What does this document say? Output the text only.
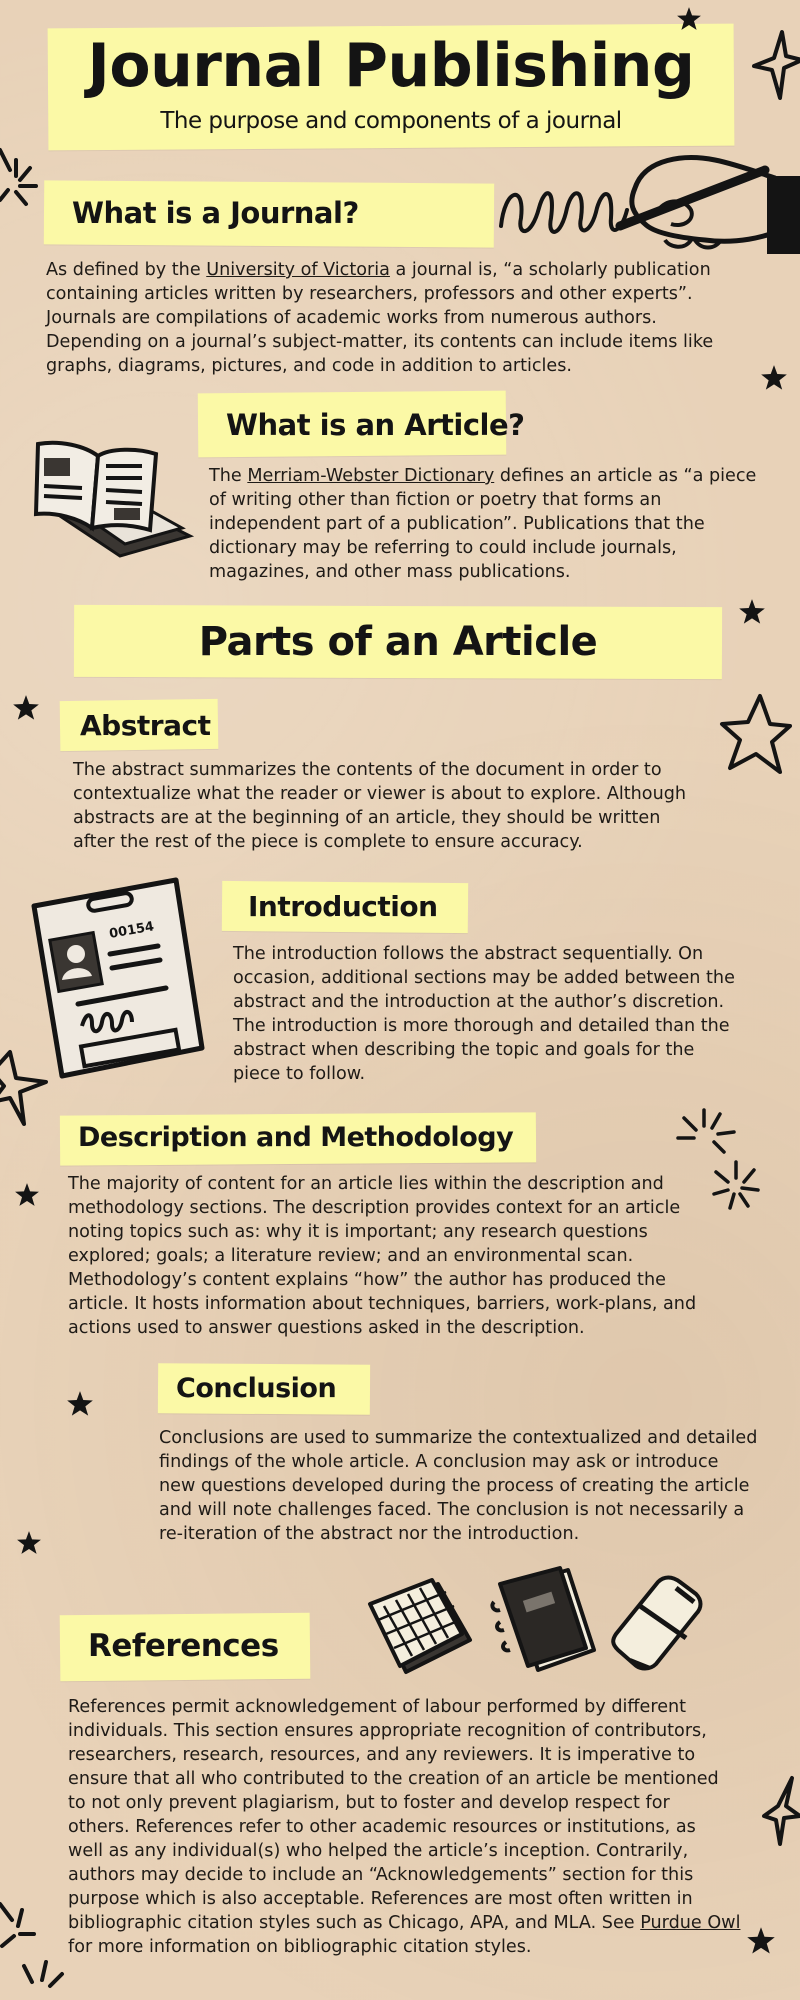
Journal Publishing
The purpose and components of a journal
What is a Journal?
As defined by the University of Victoria a journal is, “a scholarly publication
containing articles written by researchers, professors and other experts”.
Journals are compilations of academic works from numerous authors.
Depending on a journal’s subject-matter, its contents can include items like
graphs, diagrams, pictures, and code in addition to articles.
What is an Article?
The Merriam-Webster Dictionary defines an article as “a piece
of writing other than fiction or poetry that forms an
independent part of a publication”. Publications that the
dictionary may be referring to could include journals,
magazines, and other mass publications.
Parts of an Article
Abstract
The abstract summarizes the contents of the document in order to
contextualize what the reader or viewer is about to explore. Although
abstracts are at the beginning of an article, they should be written
after the rest of the piece is complete to ensure accuracy.
Introduction
00154
The introduction follows the abstract sequentially. On
occasion, additional sections may be added between the
abstract and the introduction at the author’s discretion.
The introduction is more thorough and detailed than the
abstract when describing the topic and goals for the
piece to follow.
Description and Methodology
The majority of content for an article lies within the description and
methodology sections. The description provides context for an article
noting topics such as: why it is important; any research questions
explored; goals; a literature review; and an environmental scan.
Methodology’s content explains “how” the author has produced the
article. It hosts information about techniques, barriers, work-plans, and
actions used to answer questions asked in the description.
Conclusion
Conclusions are used to summarize the contextualized and detailed
findings of the whole article. A conclusion may ask or introduce
new questions developed during the process of creating the article
and will note challenges faced. The conclusion is not necessarily a
re-iteration of the abstract nor the introduction.
References
References permit acknowledgement of labour performed by different
individuals. This section ensures appropriate recognition of contributors,
researchers, research, resources, and any reviewers. It is imperative to
ensure that all who contributed to the creation of an article be mentioned
to not only prevent plagiarism, but to foster and develop respect for
others. References refer to other academic resources or institutions, as
well as any individual(s) who helped the article’s inception. Contrarily,
authors may decide to include an “Acknowledgements” section for this
purpose which is also acceptable. References are most often written in
bibliographic citation styles such as Chicago, APA, and MLA. See Purdue Owl
for more information on bibliographic citation styles.
